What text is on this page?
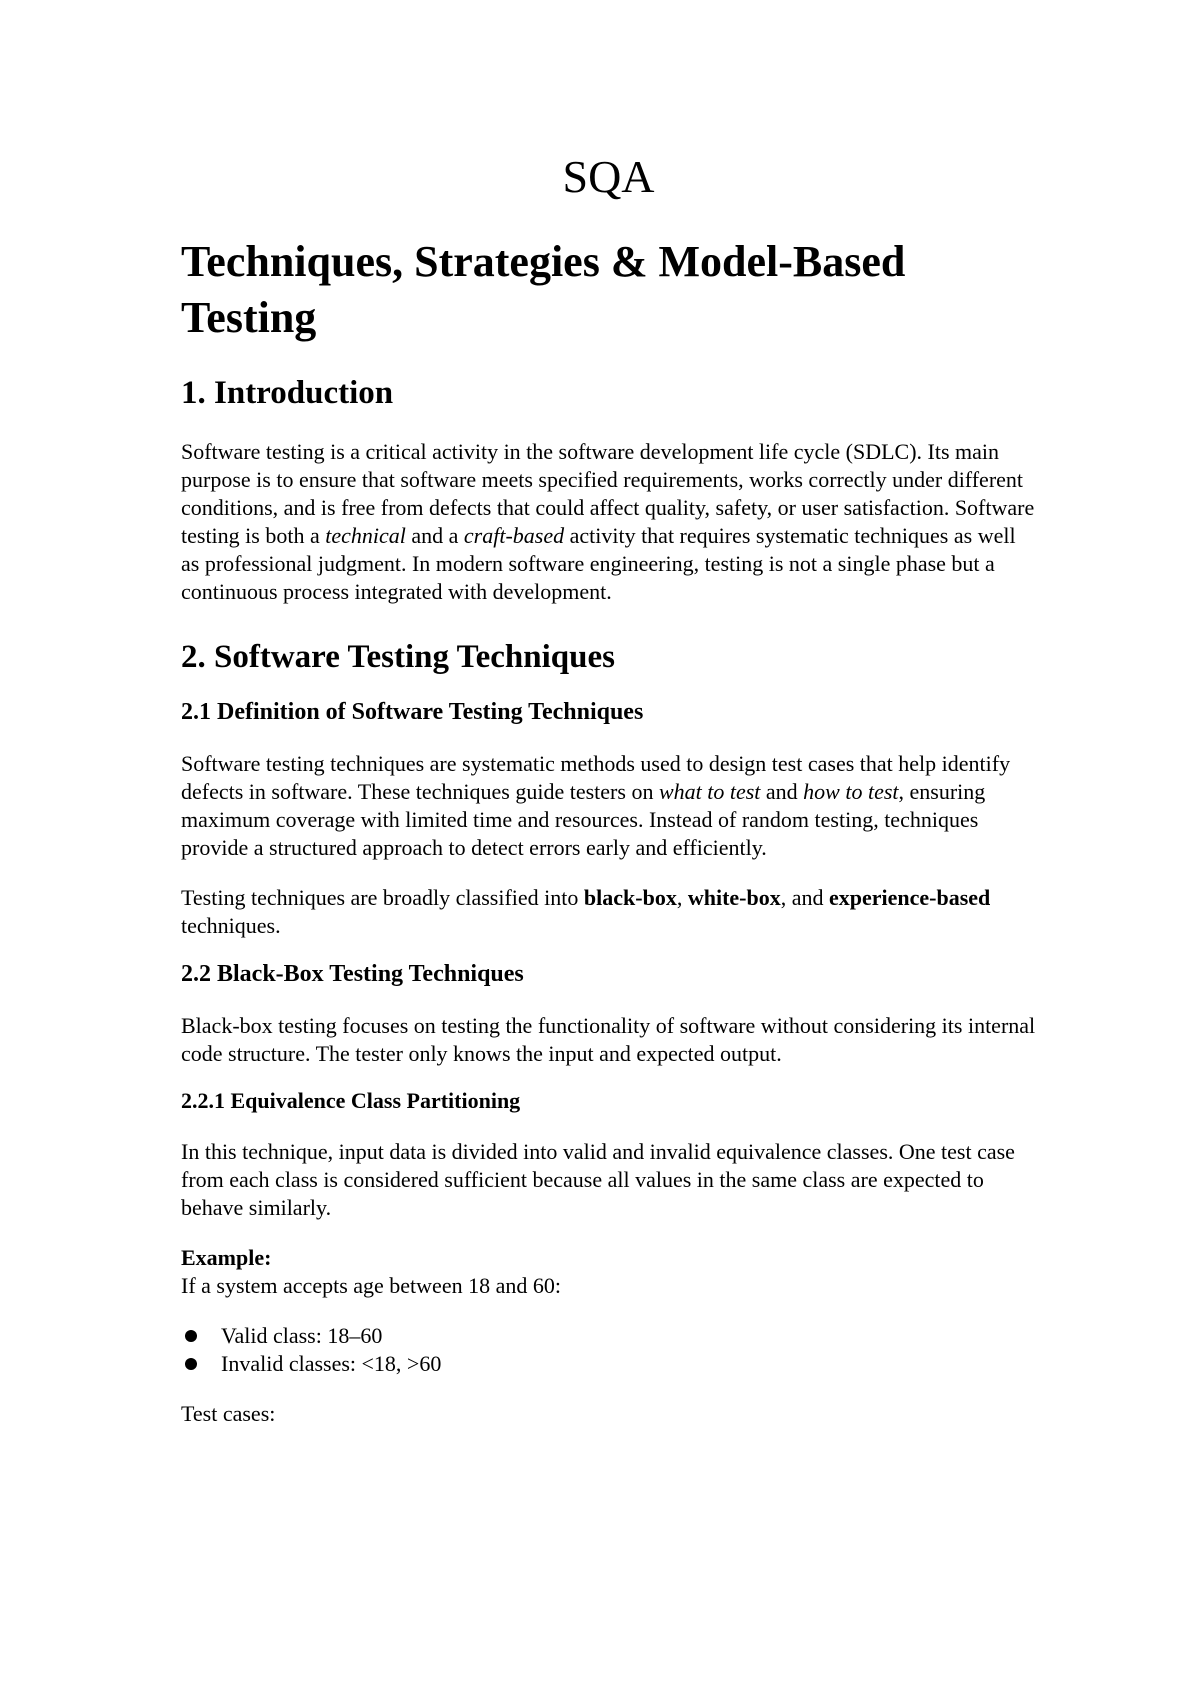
SQA
Techniques, Strategies & Model-Based Testing
1. Introduction

Software testing is a critical activity in the software development life cycle (SDLC). Its main purpose is to ensure that software meets specified requirements, works correctly under different conditions, and is free from defects that could affect quality, safety, or user satisfaction. Software testing is both a technical and a craft-based activity that requires systematic techniques as well as professional judgment. In modern software engineering, testing is not a single phase but a continuous process integrated with development.

2. Software Testing Techniques
2.1 Definition of Software Testing Techniques

Software testing techniques are systematic methods used to design test cases that help identify defects in software. These techniques guide testers on what to test and how to test, ensuring maximum coverage with limited time and resources. Instead of random testing, techniques provide a structured approach to detect errors early and efficiently.

Testing techniques are broadly classified into black-box, white-box, and experience-based techniques.

2.2 Black-Box Testing Techniques

Black-box testing focuses on testing the functionality of software without considering its internal code structure. The tester only knows the input and expected output.

2.2.1 Equivalence Class Partitioning

In this technique, input data is divided into valid and invalid equivalence classes. One test case from each class is considered sufficient because all values in the same class are expected to behave similarly.

Example:
If a system accepts age between 18 and 60:
Valid class: 18–60
Invalid classes: <18, >60

Test cases:
